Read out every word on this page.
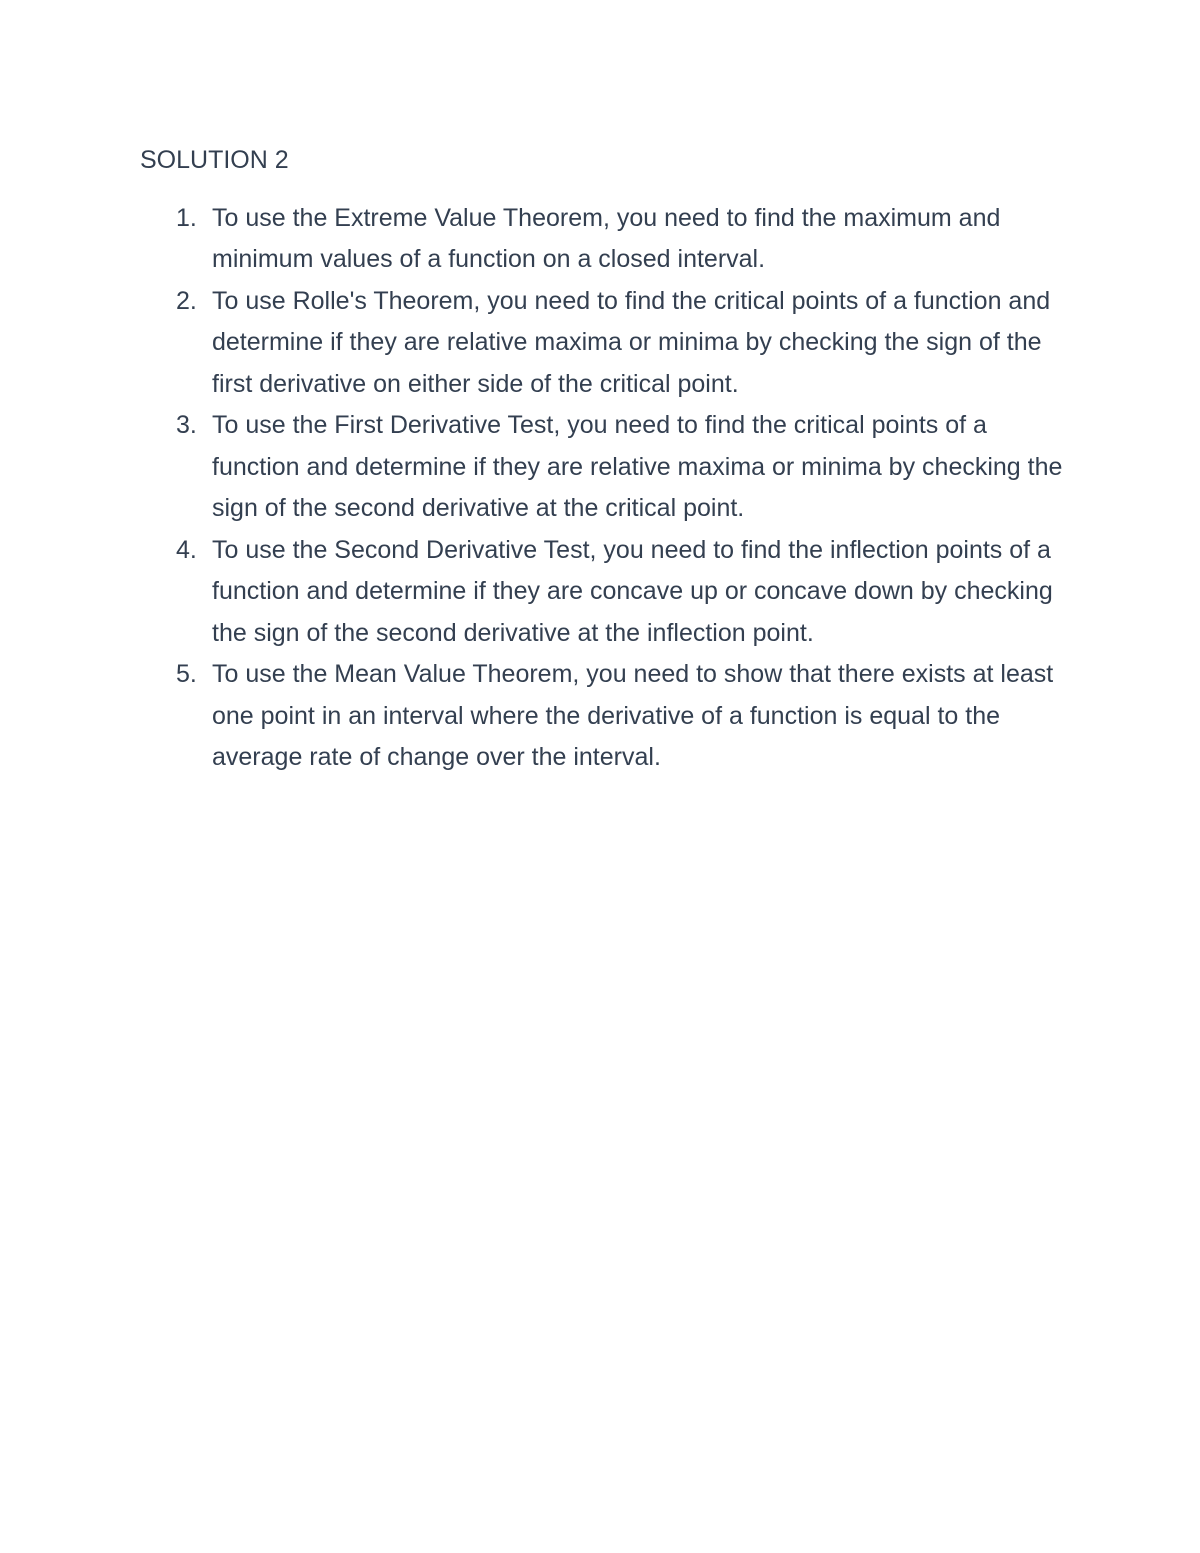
SOLUTION 2
1. To use the Extreme Value Theorem, you need to find the maximum and minimum values of a function on a closed interval.
2. To use Rolle's Theorem, you need to find the critical points of a function and determine if they are relative maxima or minima by checking the sign of the first derivative on either side of the critical point.
3. To use the First Derivative Test, you need to find the critical points of a function and determine if they are relative maxima or minima by checking the sign of the second derivative at the critical point.
4. To use the Second Derivative Test, you need to find the inflection points of a function and determine if they are concave up or concave down by checking the sign of the second derivative at the inflection point.
5. To use the Mean Value Theorem, you need to show that there exists at least one point in an interval where the derivative of a function is equal to the average rate of change over the interval.
